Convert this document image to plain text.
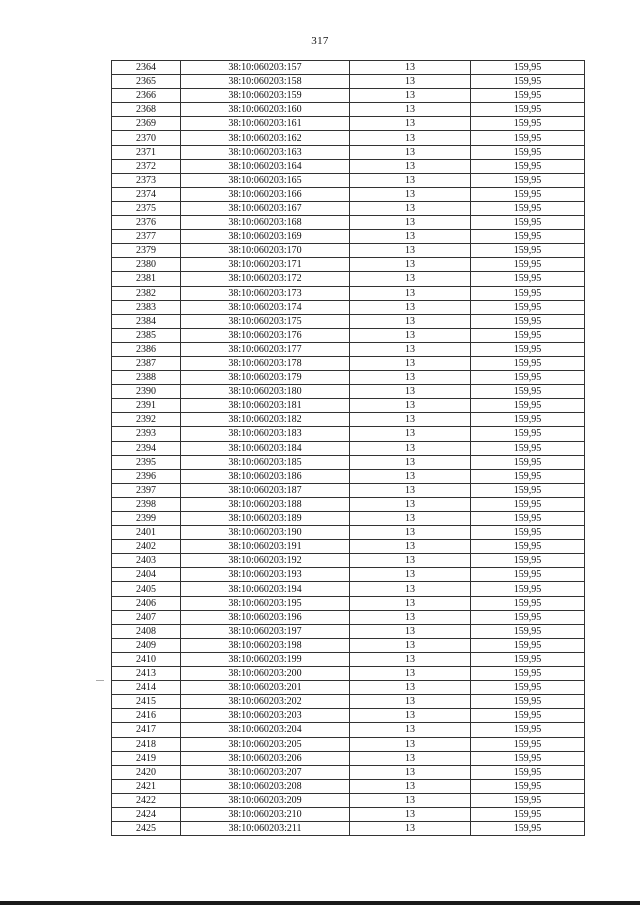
317
2364	38:10:060203:157	13	159,95
2365	38:10:060203:158	13	159,95
2366	38:10:060203:159	13	159,95
2368	38:10:060203:160	13	159,95
2369	38:10:060203:161	13	159,95
2370	38:10:060203:162	13	159,95
2371	38:10:060203:163	13	159,95
2372	38:10:060203:164	13	159,95
2373	38:10:060203:165	13	159,95
2374	38:10:060203:166	13	159,95
2375	38:10:060203:167	13	159,95
2376	38:10:060203:168	13	159,95
2377	38:10:060203:169	13	159,95
2379	38:10:060203:170	13	159,95
2380	38:10:060203:171	13	159,95
2381	38:10:060203:172	13	159,95
2382	38:10:060203:173	13	159,95
2383	38:10:060203:174	13	159,95
2384	38:10:060203:175	13	159,95
2385	38:10:060203:176	13	159,95
2386	38:10:060203:177	13	159,95
2387	38:10:060203:178	13	159,95
2388	38:10:060203:179	13	159,95
2390	38:10:060203:180	13	159,95
2391	38:10:060203:181	13	159,95
2392	38:10:060203:182	13	159,95
2393	38:10:060203:183	13	159,95
2394	38:10:060203:184	13	159,95
2395	38:10:060203:185	13	159,95
2396	38:10:060203:186	13	159,95
2397	38:10:060203:187	13	159,95
2398	38:10:060203:188	13	159,95
2399	38:10:060203:189	13	159,95
2401	38:10:060203:190	13	159,95
2402	38:10:060203:191	13	159,95
2403	38:10:060203:192	13	159,95
2404	38:10:060203:193	13	159,95
2405	38:10:060203:194	13	159,95
2406	38:10:060203:195	13	159,95
2407	38:10:060203:196	13	159,95
2408	38:10:060203:197	13	159,95
2409	38:10:060203:198	13	159,95
2410	38:10:060203:199	13	159,95
2413	38:10:060203:200	13	159,95
2414	38:10:060203:201	13	159,95
2415	38:10:060203:202	13	159,95
2416	38:10:060203:203	13	159,95
2417	38:10:060203:204	13	159,95
2418	38:10:060203:205	13	159,95
2419	38:10:060203:206	13	159,95
2420	38:10:060203:207	13	159,95
2421	38:10:060203:208	13	159,95
2422	38:10:060203:209	13	159,95
2424	38:10:060203:210	13	159,95
2425	38:10:060203:211	13	159,95
